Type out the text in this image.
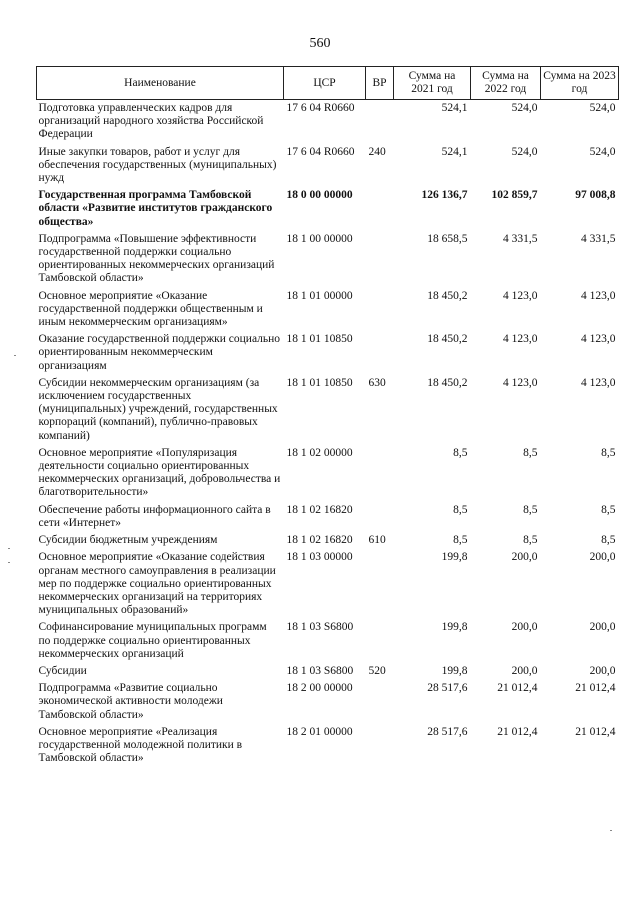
560
Наименование	ЦСР	ВР	Сумма на 2021 год	Сумма на 2022 год	Сумма на 2023 год
Подготовка управленческих кадров для организаций народного хозяйства Российской Федерации	17 6 04 R0660		524,1	524,0	524,0
Иные закупки товаров, работ и услуг для обеспечения государственных (муниципальных) нужд	17 6 04 R0660	240	524,1	524,0	524,0
Государственная программа Тамбовской области «Развитие институтов гражданского общества»	18 0 00 00000		126 136,7	102 859,7	97 008,8
Подпрограмма «Повышение эффективности государственной поддержки социально ориентированных некоммерческих организаций Тамбовской области»	18 1 00 00000		18 658,5	4 331,5	4 331,5
Основное мероприятие «Оказание государственной поддержки общественным и иным некоммерческим организациям»	18 1 01 00000		18 450,2	4 123,0	4 123,0
Оказание государственной поддержки социально ориентированным некоммерческим организациям	18 1 01 10850		18 450,2	4 123,0	4 123,0
Субсидии некоммерческим организациям (за исключением государственных (муниципальных) учреждений, государственных корпораций (компаний), публично-правовых компаний)	18 1 01 10850	630	18 450,2	4 123,0	4 123,0
Основное мероприятие «Популяризация деятельности социально ориентированных некоммерческих организаций, добровольчества и благотворительности»	18 1 02 00000		8,5	8,5	8,5
Обеспечение работы информационного сайта в сети «Интернет»	18 1 02 16820		8,5	8,5	8,5
Субсидии бюджетным учреждениям	18 1 02 16820	610	8,5	8,5	8,5
Основное мероприятие «Оказание содействия органам местного самоуправления в реализации мер по поддержке социально ориентированных некоммерческих организаций на территориях муниципальных образований»	18 1 03 00000		199,8	200,0	200,0
Софинансирование муниципальных программ по поддержке социально ориентированных некоммерческих организаций	18 1 03 S6800		199,8	200,0	200,0
Субсидии	18 1 03 S6800	520	199,8	200,0	200,0
Подпрограмма «Развитие социально экономической активности молодежи Тамбовской области»	18 2 00 00000		28 517,6	21 012,4	21 012,4
Основное мероприятие «Реализация государственной молодежной политики в Тамбовской области»	18 2 01 00000		28 517,6	21 012,4	21 012,4
